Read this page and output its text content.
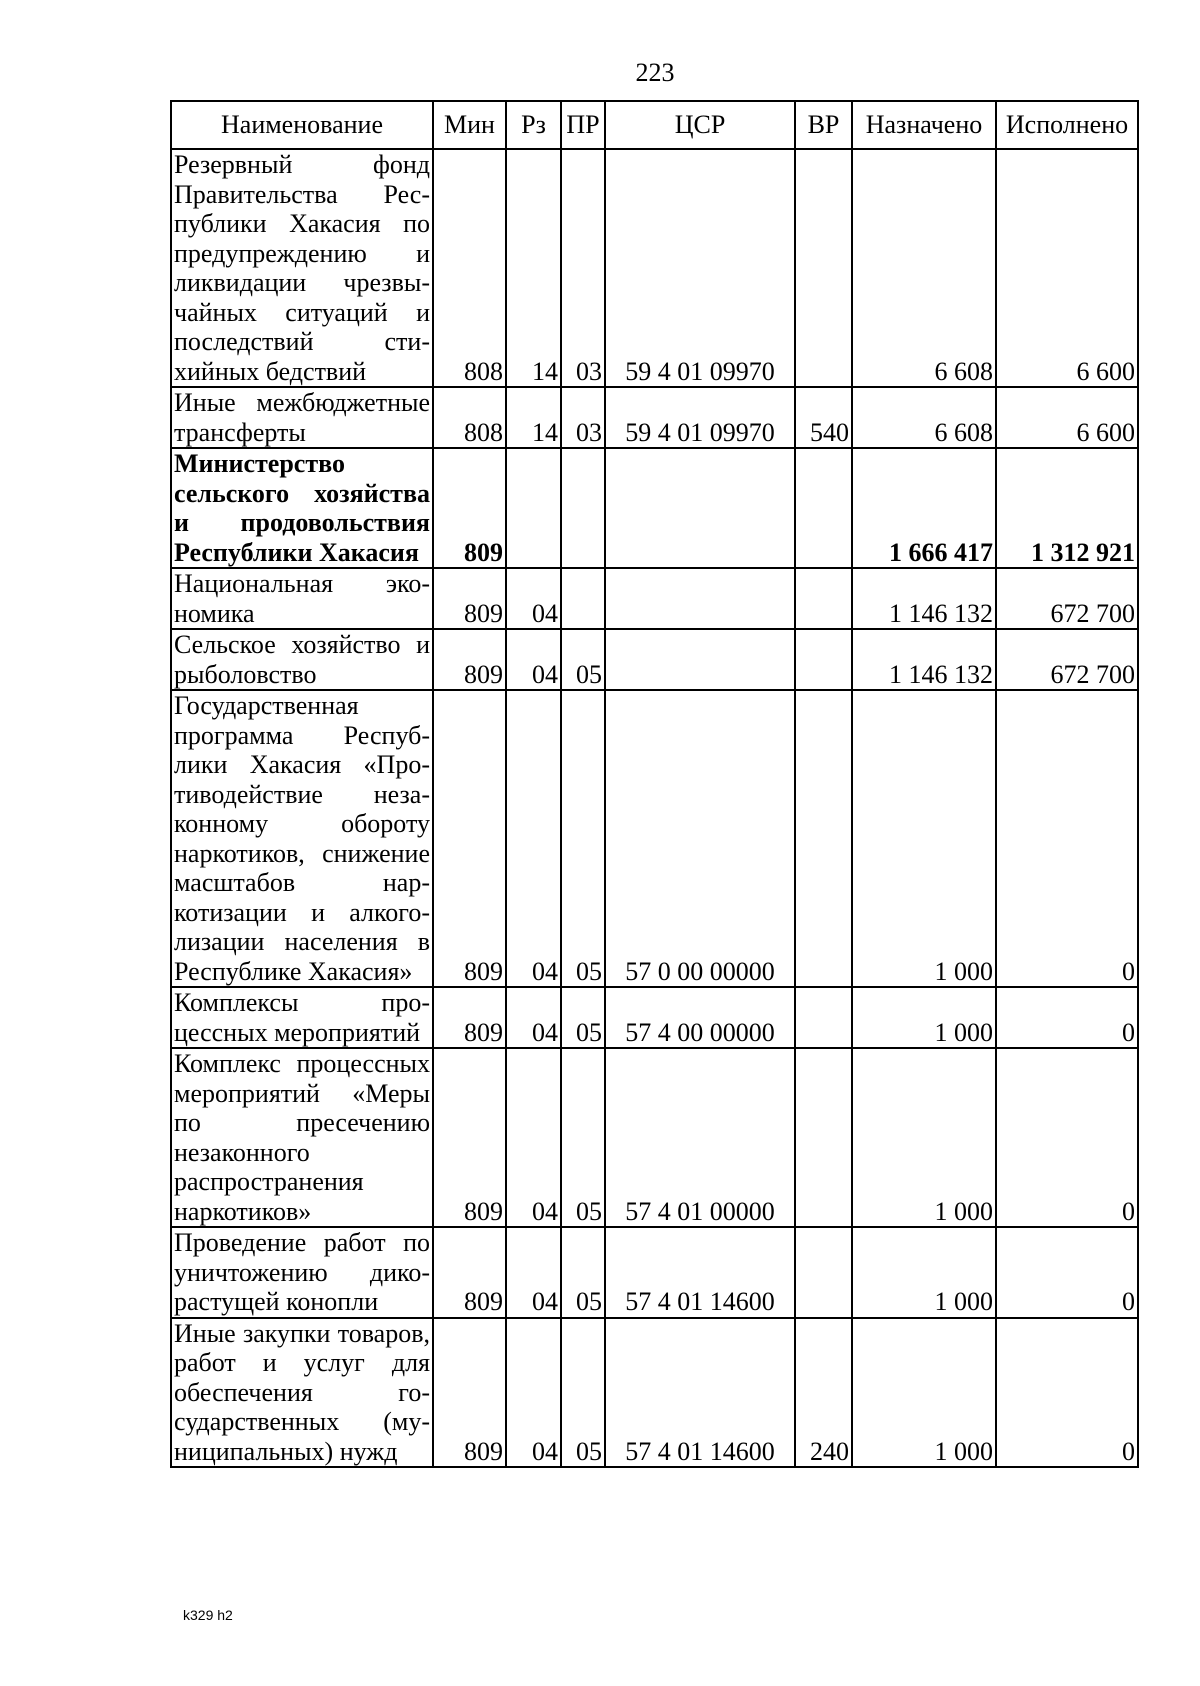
223
Наименование	Мин	Рз	ПР	ЦСР	ВР	Назначено	Исполнено
Резервный фонд Правительства Республики Хакасия по предупреждению и ликвидации чрезвычайных ситуаций и последствий стихийных бедствий	808	14	03	59 4 01 09970		6 608	6 600
Иные межбюджетные трансферты	808	14	03	59 4 01 09970	540	6 608	6 600
Министерство сельского хозяйства и продовольствия Республики Хакасия	809					1 666 417	1 312 921
Национальная экономика	809	04				1 146 132	672 700
Сельское хозяйство и рыболовство	809	04	05			1 146 132	672 700
Государственная программа Республики Хакасия «Противодействие незаконному обороту наркотиков, снижение масштабов наркотизации и алкоголизации населения в Республике Хакасия»	809	04	05	57 0 00 00000		1 000	0
Комплексы процессных мероприятий	809	04	05	57 4 00 00000		1 000	0
Комплекс процессных мероприятий «Меры по пресечению незаконного распространения наркотиков»	809	04	05	57 4 01 00000		1 000	0
Проведение работ по уничтожению дикорастущей конопли	809	04	05	57 4 01 14600		1 000	0
Иные закупки товаров, работ и услуг для обеспечения государственных (муниципальных) нужд	809	04	05	57 4 01 14600	240	1 000	0
k329 h2
